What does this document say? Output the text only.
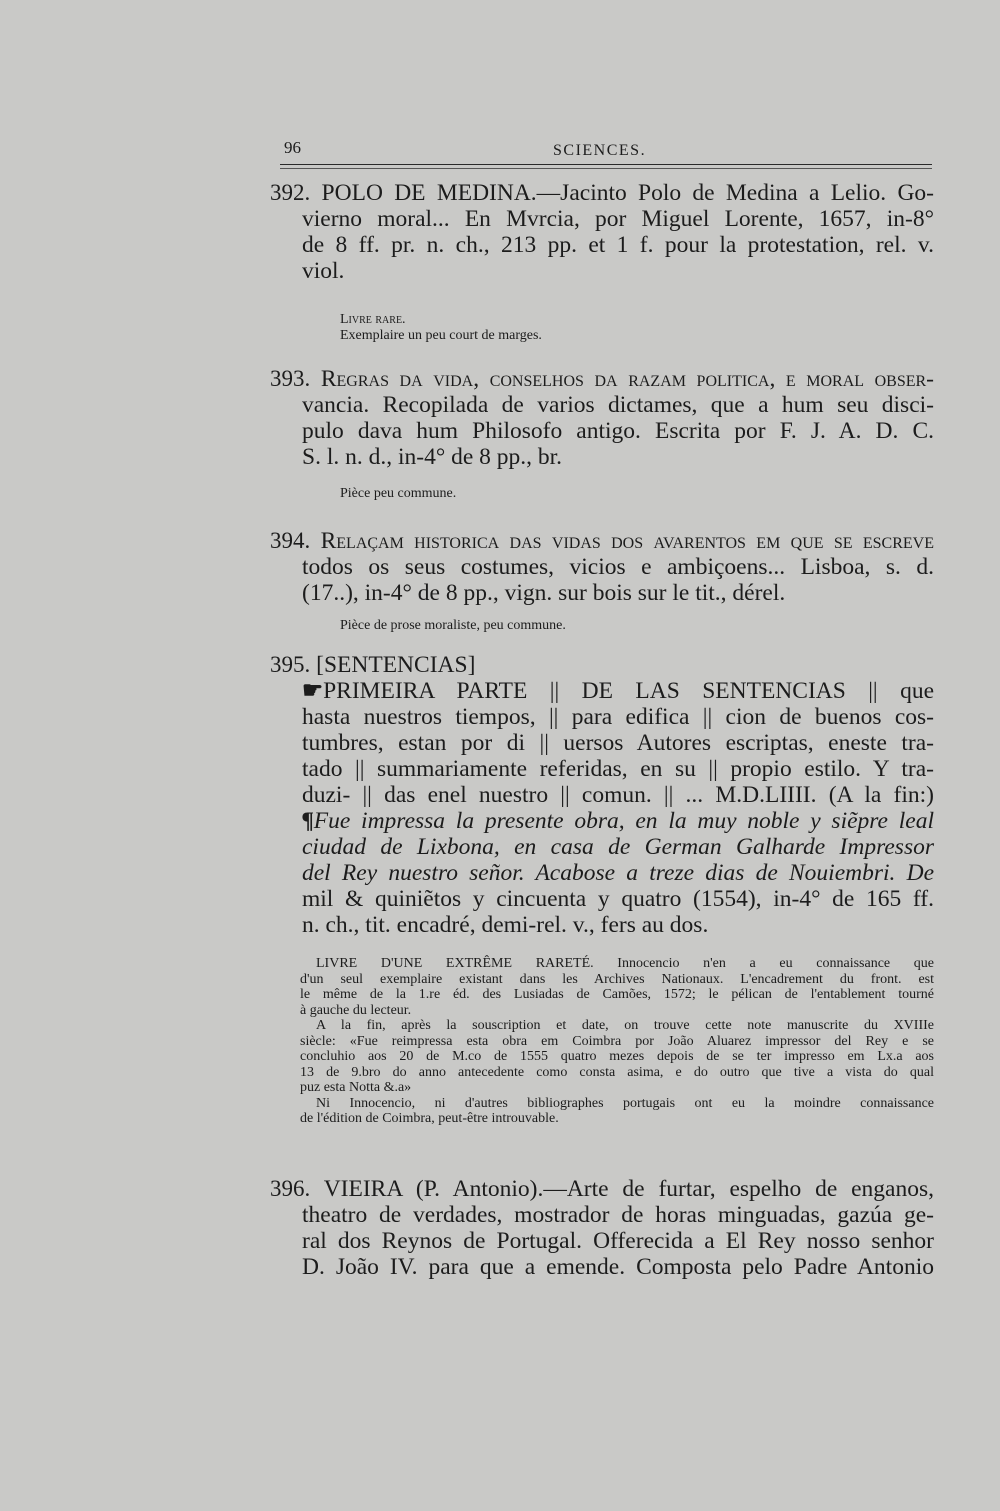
96	SCIENCES.
392. POLO DE MEDINA.—Jacinto Polo de Medina a Lelio. Go-
vierno moral... En Mvrcia, por Miguel Lorente, 1657, in-8°
de 8 ff. pr. n. ch., 213 pp. et 1 f. pour la protestation, rel. v.
viol.

Livre rare.

Exemplaire un peu court de marges.

393. Regras da vida, conselhos da razam politica, e moral obser-
vancia. Recopilada de varios dictames, que a hum seu disci-
pulo dava hum Philosofo antigo. Escrita por F. J. A. D. C.
S. l. n. d., in-4° de 8 pp., br.

Pièce peu commune.

394. Relaçam historica das vidas dos avarentos em que se escreve
todos os seus costumes, vicios e ambiçoens... Lisboa, s. d.
(17..), in-4° de 8 pp., vign. sur bois sur le tit., dérel.

Pièce de prose moraliste, peu commune.

395. [SENTENCIAS]
☛PRIMEIRA PARTE || DE LAS SENTENCIAS || que
hasta nuestros tiempos, || para edifica || cion de buenos cos-
tumbres, estan por di || uersos Autores escriptas, eneste tra-
tado || summariamente referidas, en su || propio estilo. Y tra-
duzi- || das enel nuestro || comun. || ... M.D.LIIII. (A la fin:)
¶Fue impressa la presente obra, en la muy noble y siẽpre leal
ciudad de Lixbona, en casa de German Galharde Impressor
del Rey nuestro señor. Acabose a treze dias de Nouiembri. De
mil & quiniẽtos y cincuenta y quatro (1554), in-4° de 165 ff.
n. ch., tit. encadré, demi-rel. v., fers au dos.

LIVRE D'UNE EXTRÊME RARETÉ. Innocencio n'en a eu connaissance que

d'un seul exemplaire existant dans les Archives Nationaux. L'encadrement du front. est

le même de la 1.re éd. des Lusiadas de Camões, 1572; le pélican de l'entablement tourné

à gauche du lecteur.

A la fin, après la souscription et date, on trouve cette note manuscrite du XVIIIe

siècle: «Fue reimpressa esta obra em Coimbra por João Aluarez impressor del Rey e se

concluhio aos 20 de M.co de 1555 quatro mezes depois de se ter impresso em Lx.a aos

13 de 9.bro do anno antecedente como consta asima, e do outro que tive a vista do qual

puz esta Notta &.a»

Ni Innocencio, ni d'autres bibliographes portugais ont eu la moindre connaissance

de l'édition de Coimbra, peut-être introuvable.

396. VIEIRA (P. Antonio).—Arte de furtar, espelho de enganos,
theatro de verdades, mostrador de horas minguadas, gazúa ge-
ral dos Reynos de Portugal. Offerecida a El Rey nosso senhor
D. João IV. para que a emende. Composta pelo Padre Antonio
